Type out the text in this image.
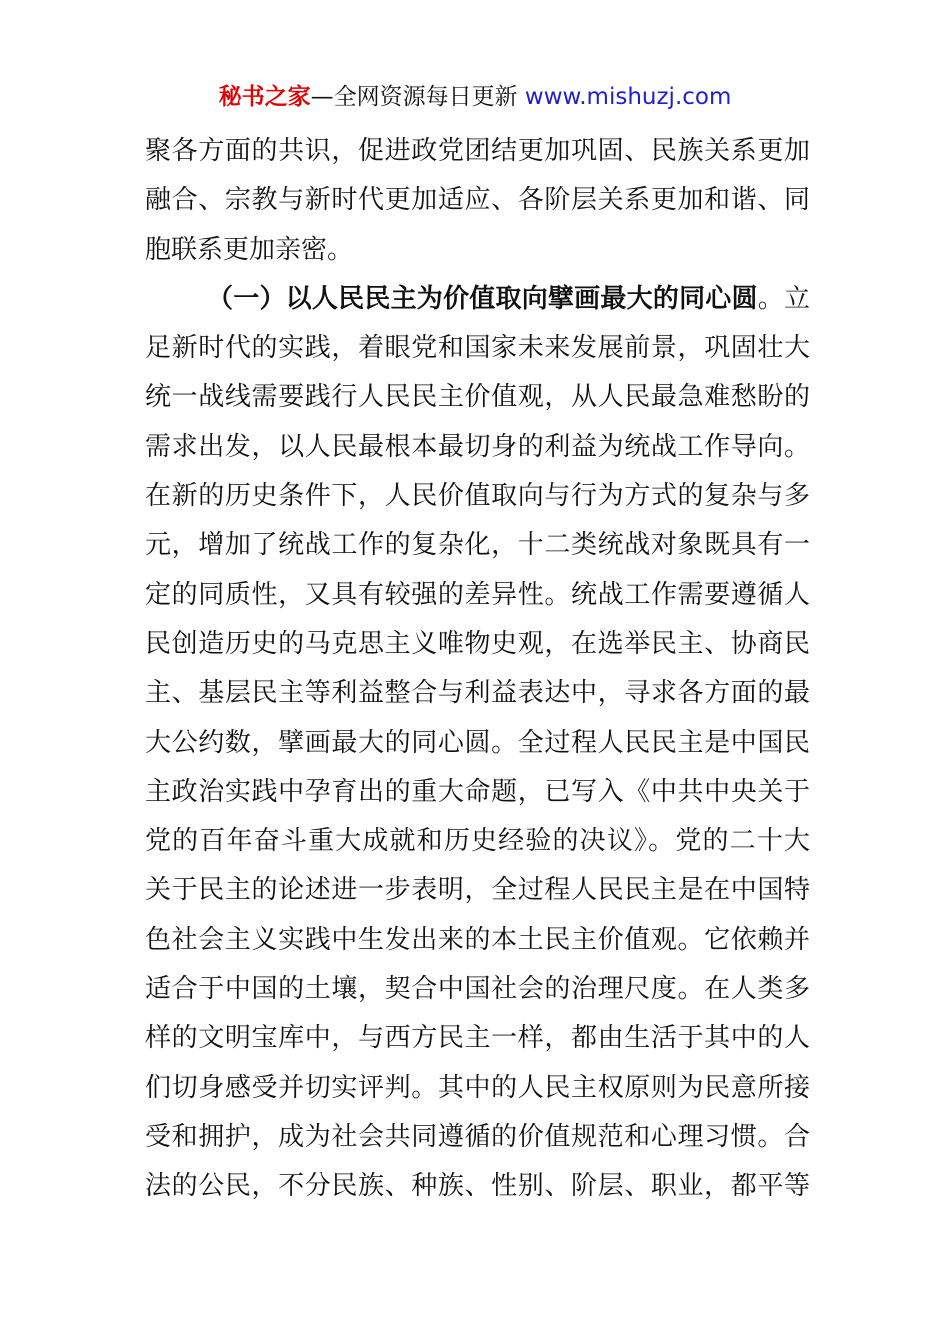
秘书之家—全网资源每日更新 www.mishuzj.com
聚各方面的共识，促进政党团结更加巩固、民族关系更加
融合、宗教与新时代更加适应、各阶层关系更加和谐、同
胞联系更加亲密。
（一）以人民民主为价值取向擘画最大的同心圆。立
足新时代的实践，着眼党和国家未来发展前景，巩固壮大
统一战线需要践行人民民主价值观，从人民最急难愁盼的
需求出发，以人民最根本最切身的利益为统战工作导向。
在新的历史条件下，人民价值取向与行为方式的复杂与多
元，增加了统战工作的复杂化，十二类统战对象既具有一
定的同质性，又具有较强的差异性。统战工作需要遵循人
民创造历史的马克思主义唯物史观，在选举民主、协商民
主、基层民主等利益整合与利益表达中，寻求各方面的最
大公约数，擘画最大的同心圆。全过程人民民主是中国民
主政治实践中孕育出的重大命题，已写入《中共中央关于
党的百年奋斗重大成就和历史经验的决议》。党的二十大
关于民主的论述进一步表明，全过程人民民主是在中国特
色社会主义实践中生发出来的本土民主价值观。它依赖并
适合于中国的土壤，契合中国社会的治理尺度。在人类多
样的文明宝库中，与西方民主一样，都由生活于其中的人
们切身感受并切实评判。其中的人民主权原则为民意所接
受和拥护，成为社会共同遵循的价值规范和心理习惯。合
法的公民，不分民族、种族、性别、阶层、职业，都平等
